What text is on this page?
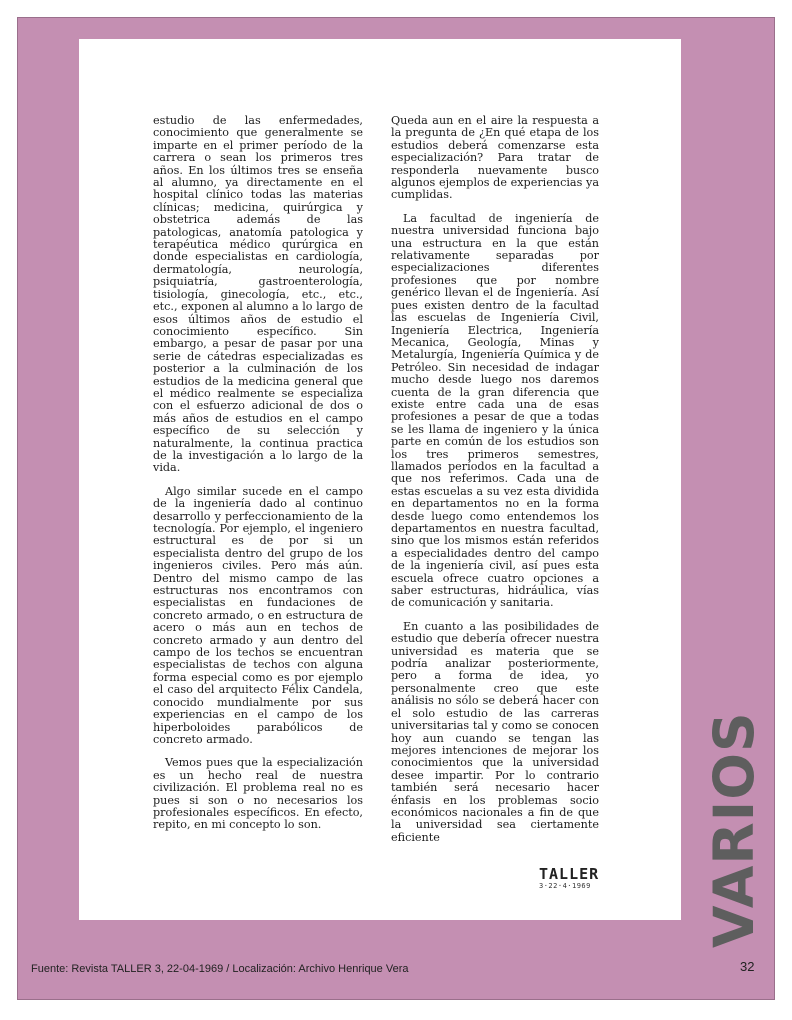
estudio de las enfermedades, conocimiento que generalmente se imparte en el primer período de la carrera o sean los primeros tres años. En los últimos tres se enseña al alumno, ya directamente en el hospital clínico todas las materias clínicas; medicina, quirúrgica y obstetrica además de las patologicas, anatomía patologica y terapéutica médico qurúrgica en donde especialistas en cardiología, dermatología, neurología, psiquiatría, gastroenterología, tisiología, ginecología, etc., etc., etc., exponen al alumno a lo largo de esos últimos años de estudio el conocimiento específico. Sin embargo, a pesar de pasar por una serie de cátedras especializadas es posterior a la culminación de los estudios de la medicina general que el médico realmente se especializa con el esfuerzo adicional de dos o más años de estudios en el campo específico de su selección y naturalmente, la continua practica de la investigación a lo largo de la vida.

Algo similar sucede en el campo de la ingeniería dado al continuo desarrollo y perfeccionamiento de la tecnología. Por ejemplo, el ingeniero estructural es de por si un especialista dentro del grupo de los ingenieros civiles. Pero más aún. Dentro del mismo campo de las estructuras nos encontramos con especialistas en fundaciones de concreto armado, o en estructura de acero o más aun en techos de concreto armado y aun dentro del campo de los techos se encuentran especialistas de techos con alguna forma especial como es por ejemplo el caso del arquitecto Félix Candela, conocido mundialmente por sus experiencias en el campo de los hiperboloides parabólicos de concreto armado.

Vemos pues que la especialización es un hecho real de nuestra civilización. El problema real no es pues si son o no necesarios los profesionales específicos. En efecto, repito, en mi concepto lo son.

Queda aun en el aire la respuesta a la pregunta de ¿En qué etapa de los estudios deberá comenzarse esta especialización? Para tratar de responderla nuevamente busco algunos ejemplos de experiencias ya cumplidas.

La facultad de ingeniería de nuestra universidad funciona bajo una estructura en la que están relativamente separadas por especializaciones diferentes profesiones que por nombre genérico llevan el de Ingeniería. Así pues existen dentro de la facultad las escuelas de Ingeniería Civil, Ingeniería Electrica, Ingeniería Mecanica, Geología, Minas y Metalurgía, Ingeniería Química y de Petróleo. Sin necesidad de indagar mucho desde luego nos daremos cuenta de la gran diferencia que existe entre cada una de esas profesiones a pesar de que a todas se les llama de ingeniero y la única parte en común de los estudios son los tres primeros semestres, llamados períodos en la facultad a que nos referimos. Cada una de estas escuelas a su vez esta dividida en departamentos no en la forma desde luego como entendemos los departamentos en nuestra facultad, sino que los mismos están referidos a especialidades dentro del campo de la ingeniería civil, así pues esta escuela ofrece cuatro opciones a saber estructuras, hidráulica, vías de comunicación y sanitaria.

En cuanto a las posibilidades de estudio que debería ofrecer nuestra universidad es materia que se podría analizar posteriormente, pero a forma de idea, yo personalmente creo que este análisis no sólo se deberá hacer con el solo estudio de las carreras universitarias tal y como se conocen hoy aun cuando se tengan las mejores intenciones de mejorar los conocimientos que la universidad desee impartir. Por lo contrario también será necesario hacer énfasis en los problemas socio económicos nacionales a fin de que la universidad sea ciertamente eficiente

TALLER
3·22·4·1969 VARIOS
Fuente: Revista TALLER 3, 22-04-1969 / Localización: Archivo Henrique Vera	32
